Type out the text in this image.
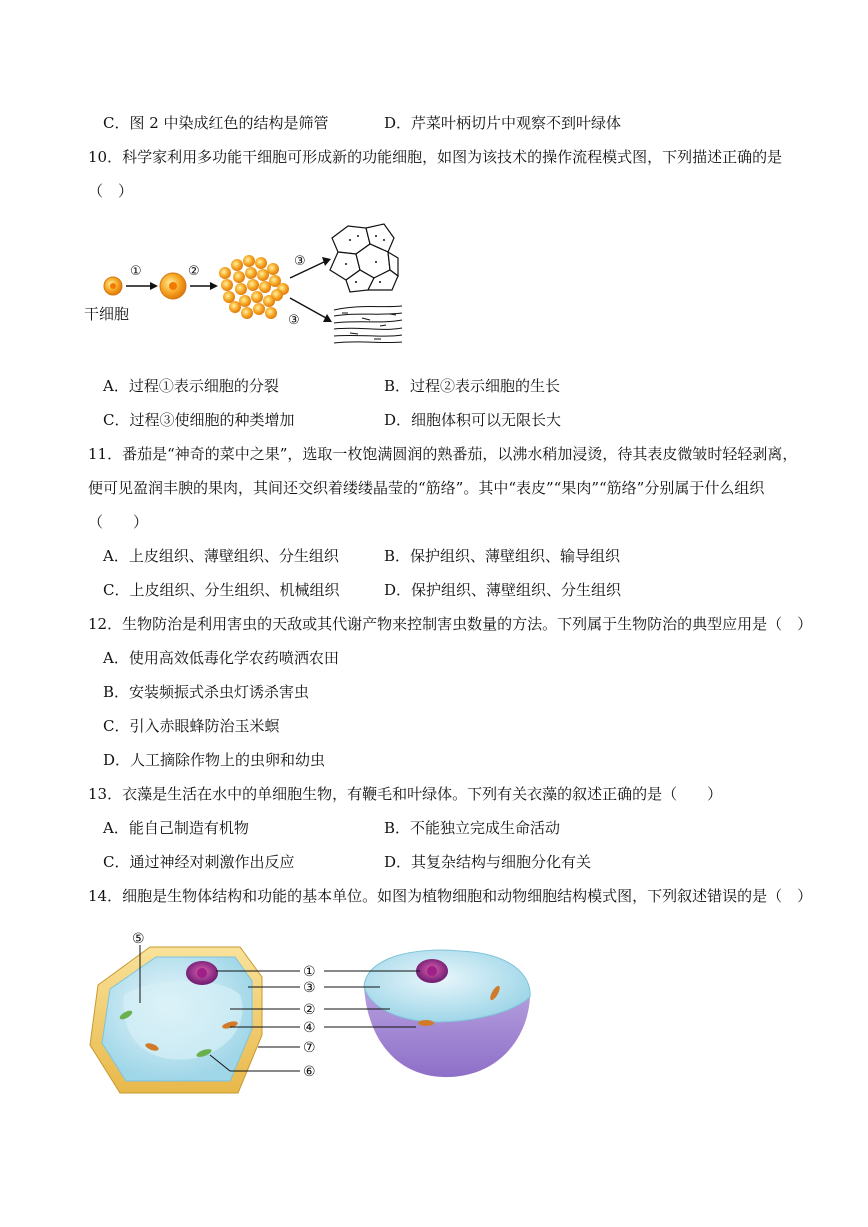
C．图 2 中染成红色的结构是筛管	D．芹菜叶柄切片中观察不到叶绿体
10．科学家利用多功能干细胞可形成新的功能细胞，如图为该技术的操作流程模式图，下列描述正确的是
（　）
①	②
③
③
干细胞
A．过程①表示细胞的分裂	B．过程②表示细胞的生长
C．过程③使细胞的种类增加	D．细胞体积可以无限长大
11．番茄是“神奇的菜中之果”，选取一枚饱满圆润的熟番茄，以沸水稍加浸烫，待其表皮微皱时轻轻剥离，
便可见盈润丰腴的果肉，其间还交织着缕缕晶莹的“筋络”。其中“表皮”“果肉”“筋络”分别属于什么组织
（　　）
A．上皮组织、薄壁组织、分生组织	B．保护组织、薄壁组织、输导组织
C．上皮组织、分生组织、机械组织	D．保护组织、薄壁组织、分生组织
12．生物防治是利用害虫的天敌或其代谢产物来控制害虫数量的方法。下列属于生物防治的典型应用是（　）
A．使用高效低毒化学农药喷洒农田
B．安装频振式杀虫灯诱杀害虫
C．引入赤眼蜂防治玉米螟
D．人工摘除作物上的虫卵和幼虫
13．衣藻是生活在水中的单细胞生物，有鞭毛和叶绿体。下列有关衣藻的叙述正确的是（　　）
A．能自己制造有机物	B．不能独立完成生命活动
C．通过神经对刺激作出反应	D．其复杂结构与细胞分化有关
14．细胞是生物体结构和功能的基本单位。如图为植物细胞和动物细胞结构模式图，下列叙述错误的是（　）
⑤
①
③
②
④
⑦
⑥
